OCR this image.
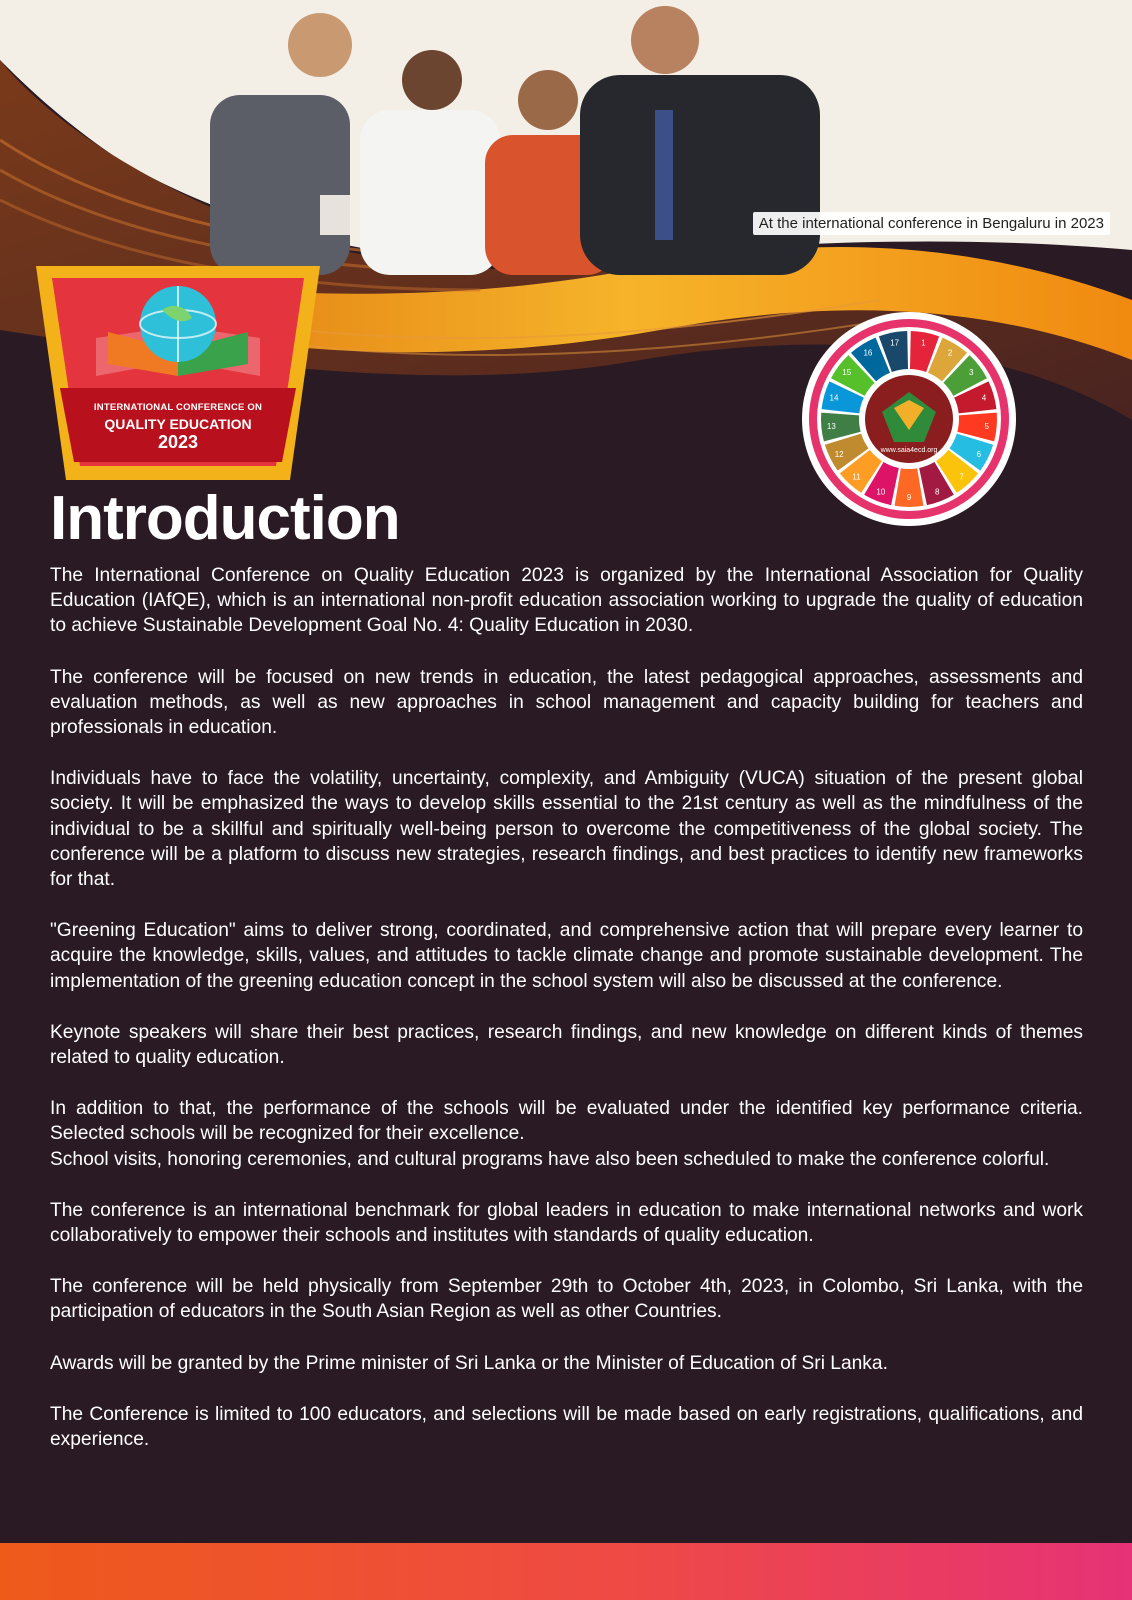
At the international conference in Bengaluru in 2023
INTERNATIONAL CONFERENCE ON
QUALITY EDUCATION
2023
1
2
3
4
5
6
7
8
9
10
11
12
13
14
15
16
17
www.saia4ecd.org
Introduction

The International Conference on Quality Education 2023 is organized by the International Association for Quality Education (IAfQE), which is an international non-profit education association working to upgrade the quality of education to achieve Sustainable Development Goal No. 4: Quality Education in 2030.

The conference will be focused on new trends in education, the latest pedagogical approaches, assessments and evaluation methods, as well as new approaches in school management and capacity building for teachers and professionals in education.

Individuals have to face the volatility, uncertainty, complexity, and Ambiguity (VUCA) situation of the present global society. It will be emphasized the ways to develop skills essential to the 21st century as well as the mindfulness of the individual to be a skillful and spiritually well-being person to overcome the competitiveness of the global society. The conference will be a platform to discuss new strategies, research findings, and best practices to identify new frameworks for that.

"Greening Education" aims to deliver strong, coordinated, and comprehensive action that will prepare every learner to acquire the knowledge, skills, values, and attitudes to tackle climate change and promote sustainable development. The implementation of the greening education concept in the school system will also be discussed at the conference.

Keynote speakers will share their best practices, research findings, and new knowledge on different kinds of themes related to quality education.

In addition to that, the performance of the schools will be evaluated under the identified key performance criteria. Selected schools will be recognized for their excellence.

School visits, honoring ceremonies, and cultural programs have also been scheduled to make the conference colorful.

The conference is an international benchmark for global leaders in education to make international networks and work collaboratively to empower their schools and institutes with standards of quality education.

The conference will be held physically from September 29th to October 4th, 2023, in Colombo, Sri Lanka, with the participation of educators in the South Asian Region as well as other Countries.

Awards will be granted by the Prime minister of Sri Lanka or the Minister of Education of Sri Lanka.

The Conference is limited to 100 educators, and selections will be made based on early registrations, qualifications, and experience.
